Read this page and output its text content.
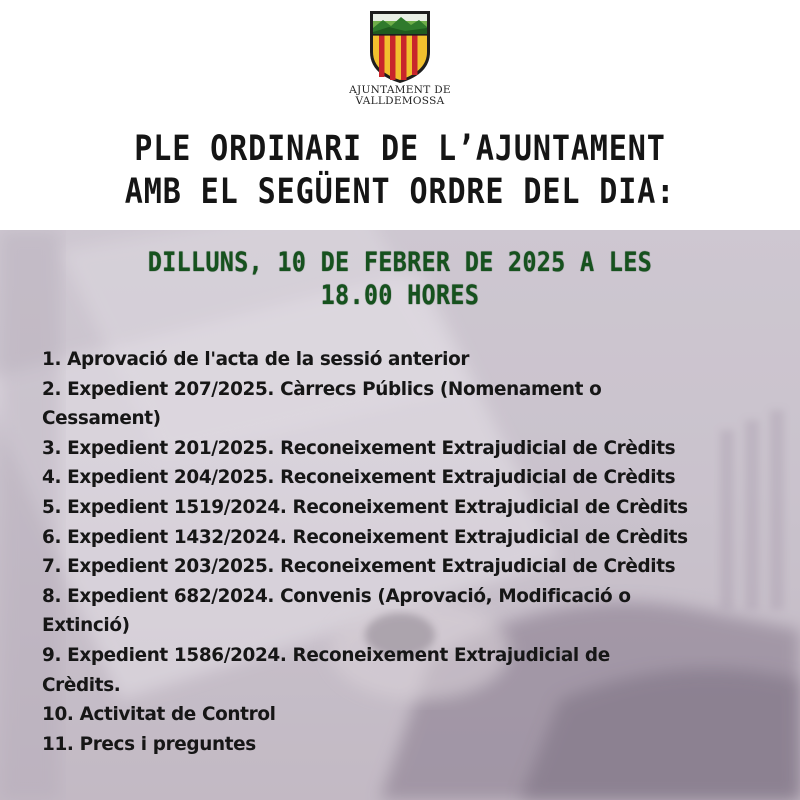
AJUNTAMENT DE
VALLDEMOSSA
PLE ORDINARI DE L’AJUNTAMENT
AMB EL SEGÜENT ORDRE DEL DIA:
DILLUNS, 10 DE FEBRER DE 2025 A LES
18.00 HORES
1. Aprovació de l'acta de la sessió anterior
2. Expedient 207/2025. Càrrecs Públics (Nomenament o
Cessament)
3. Expedient 201/2025. Reconeixement Extrajudicial de Crèdits
4. Expedient 204/2025. Reconeixement Extrajudicial de Crèdits
5. Expedient 1519/2024. Reconeixement Extrajudicial de Crèdits
6. Expedient 1432/2024. Reconeixement Extrajudicial de Crèdits
7. Expedient 203/2025. Reconeixement Extrajudicial de Crèdits
8. Expedient 682/2024. Convenis (Aprovació, Modificació o
Extinció)
9. Expedient 1586/2024. Reconeixement Extrajudicial de
Crèdits.
10. Activitat de Control
11. Precs i preguntes
